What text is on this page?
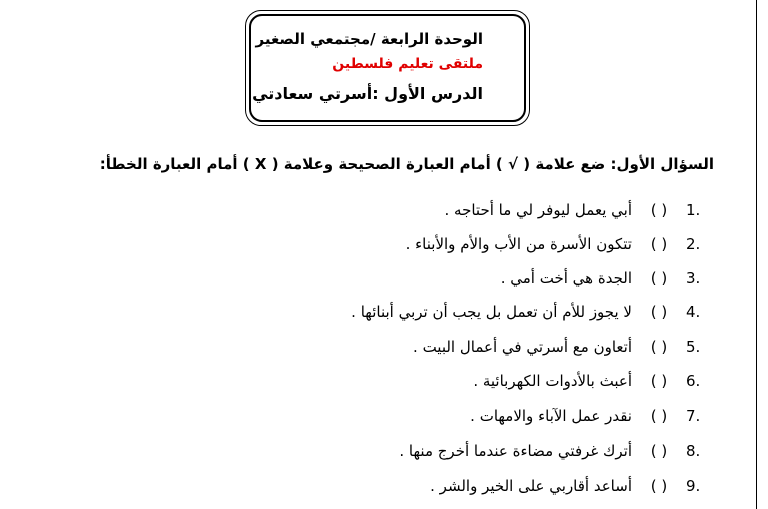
الوحدة الرابعة /مجتمعي الصغير
ملتقى تعليم فلسطين
الدرس الأول :أسرتي سعادتي
السؤال الأول: ضع علامة ( √ ) أمام العبارة الصحيحة وعلامة ( X ) أمام العبارة الخطأ:
1.
( )
أبي يعمل ليوفر لي ما أحتاجه .
2.
( )
تتكون الأسرة من الأب والأم والأبناء .
3.
( )
الجدة هي أخت أمي .
4.
( )
لا يجوز للأم أن تعمل بل يجب أن تربي أبنائها .
5.
( )
أتعاون مع أسرتي في أعمال البيت .
6.
( )
أعبث بالأدوات الكهربائية .
7.
( )
نقدر عمل الآباء والامهات .
8.
( )
أترك غرفتي مضاءة عندما أخرج منها .
9.
( )
أساعد أقاربي على الخير والشر .
